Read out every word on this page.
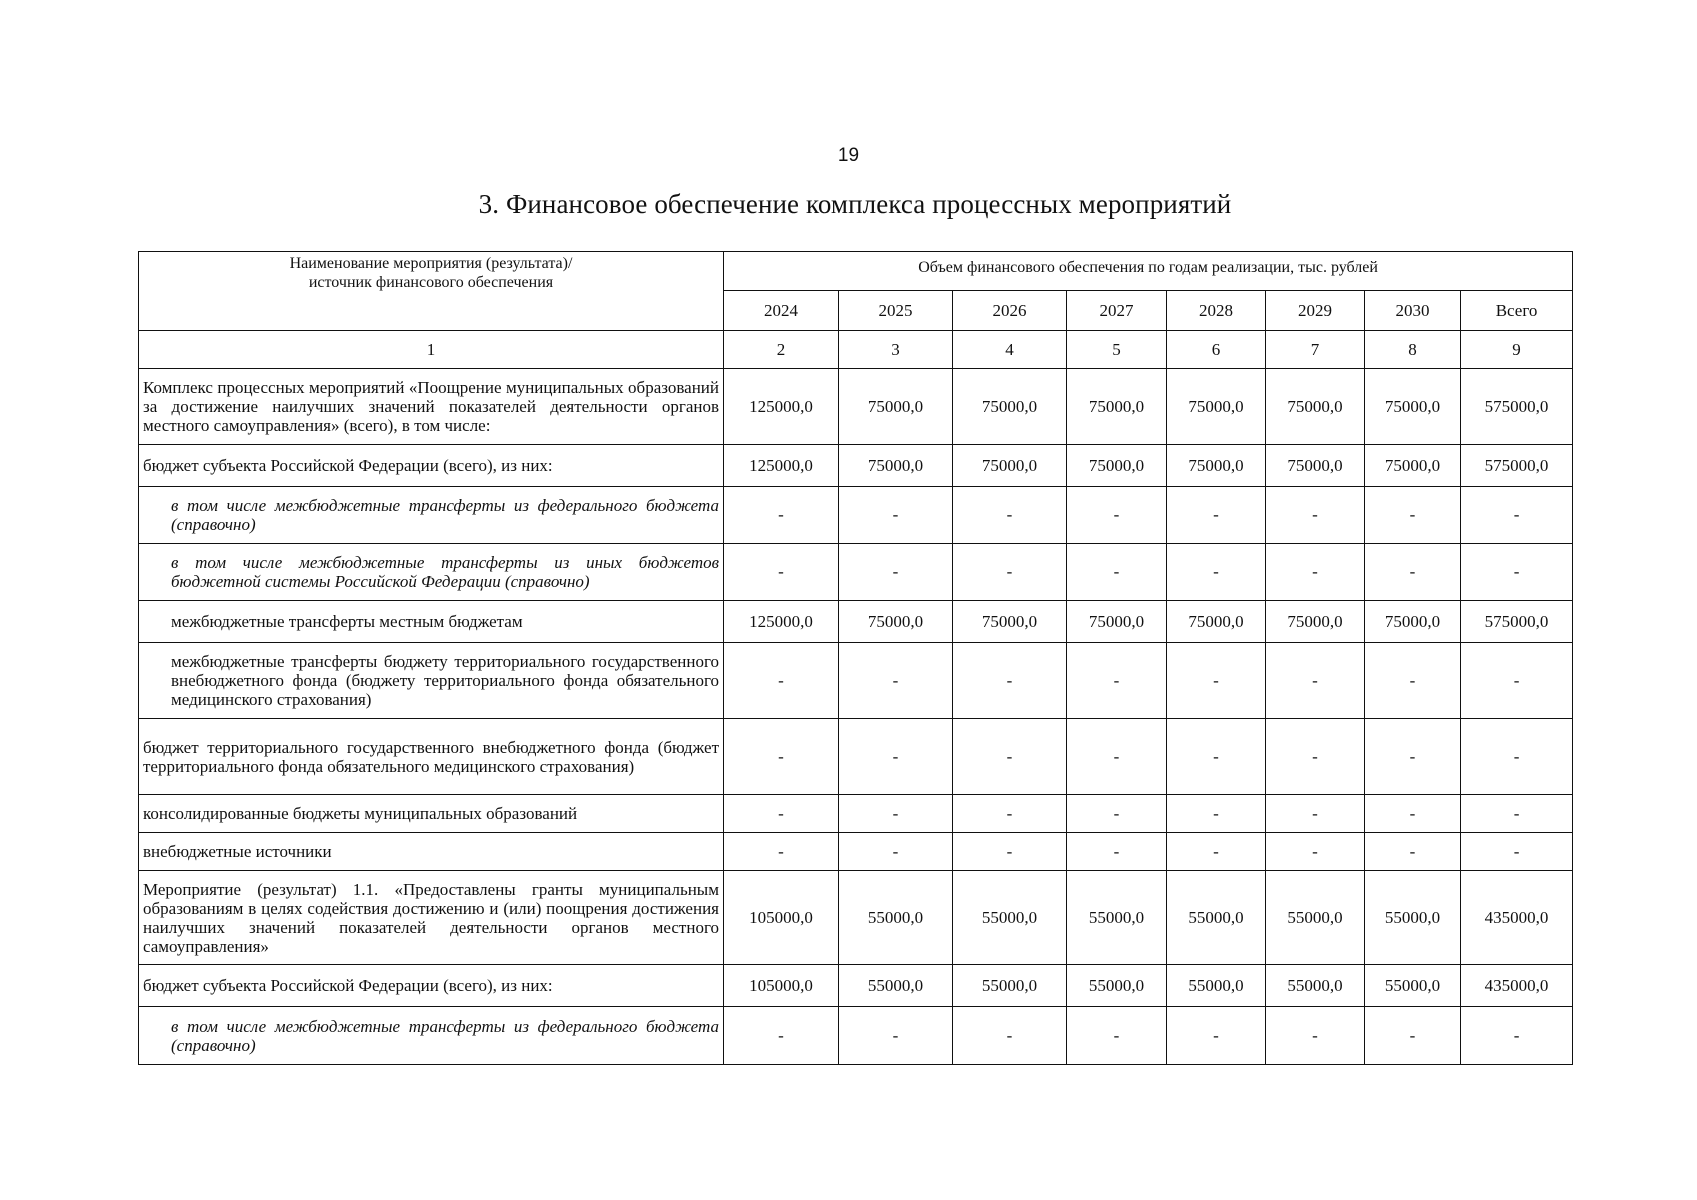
19
3. Финансовое обеспечение комплекса процессных мероприятий
Наименование мероприятия (результата)/
источник финансового обеспечения	Объем финансового обеспечения по годам реализации, тыс. рублей							
	2024	2025	2026	2027	2028	2029	2030	Всего
1	2	3	4	5	6	7	8	9
Комплекс процессных мероприятий «Поощрение муниципальных образований за достижение наилучших значений показателей деятельности органов местного самоуправления» (всего), в том числе:	125000,0	75000,0	75000,0	75000,0	75000,0	75000,0	75000,0	575000,0
бюджет субъекта Российской Федерации (всего), из них:	125000,0	75000,0	75000,0	75000,0	75000,0	75000,0	75000,0	575000,0
в том числе межбюджетные трансферты из федерального бюджета (справочно)	-	-	-	-	-	-	-	-
в том числе межбюджетные трансферты из иных бюджетов бюджетной системы Российской Федерации (справочно)	-	-	-	-	-	-	-	-
межбюджетные трансферты местным бюджетам	125000,0	75000,0	75000,0	75000,0	75000,0	75000,0	75000,0	575000,0
межбюджетные трансферты бюджету территориального государственного внебюджетного фонда (бюджету территориального фонда обязательного медицинского страхования)	-	-	-	-	-	-	-	-
бюджет территориального государственного внебюджетного фонда (бюджет территориального фонда обязательного медицинского страхования)	-	-	-	-	-	-	-	-
консолидированные бюджеты муниципальных образований	-	-	-	-	-	-	-	-
внебюджетные источники	-	-	-	-	-	-	-	-
Мероприятие (результат) 1.1. «Предоставлены гранты муниципальным образованиям в целях содействия достижению и (или) поощрения достижения наилучших значений показателей деятельности органов местного самоуправления»	105000,0	55000,0	55000,0	55000,0	55000,0	55000,0	55000,0	435000,0
бюджет субъекта Российской Федерации (всего), из них:	105000,0	55000,0	55000,0	55000,0	55000,0	55000,0	55000,0	435000,0
в том числе межбюджетные трансферты из федерального бюджета (справочно)	-	-	-	-	-	-	-	-
